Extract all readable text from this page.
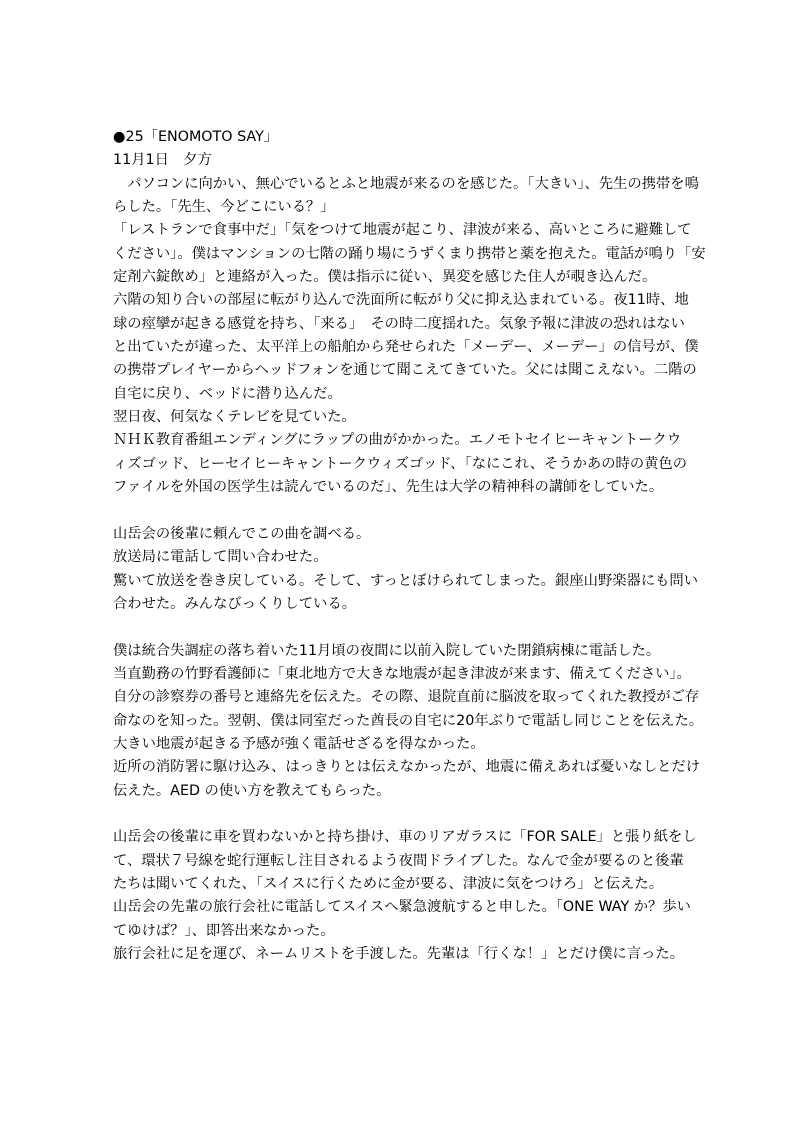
●25「ENOMOTO SAY」
11月1日　夕方
　パソコンに向かい、無心でいるとふと地震が来るのを感じた。「大きい」、先生の携帯を鳴
らした。「先生、今どこにいる？」
「レストランで食事中だ」「気をつけて地震が起こり、津波が来る、高いところに避難して
ください」。僕はマンションの七階の踊り場にうずくまり携帯と薬を抱えた。電話が鳴り「安
定剤六錠飲め」と連絡が入った。僕は指示に従い、異変を感じた住人が覗き込んだ。
六階の知り合いの部屋に転がり込んで洗面所に転がり父に抑え込まれている。夜11時、地
球の痙攣が起きる感覚を持ち、「来る」　その時二度揺れた。気象予報に津波の恐れはない
と出ていたが違った、太平洋上の船舶から発せられた「メーデー、メーデー」の信号が、僕
の携帯プレイヤーからヘッドフォンを通じて聞こえてきていた。父には聞こえない。二階の
自宅に戻り、ベッドに潜り込んだ。
翌日夜、何気なくテレビを見ていた。
ＮＨＫ教育番組エンディングにラップの曲がかかった。エノモトセイヒーキャントークウ
ィズゴッド、ヒーセイヒーキャントークウィズゴッド、「なにこれ、そうかあの時の黄色の
ファイルを外国の医学生は読んでいるのだ」、先生は大学の精神科の講師をしていた。
山岳会の後輩に頼んでこの曲を調べる。
放送局に電話して問い合わせた。
驚いて放送を巻き戻している。そして、すっとぼけられてしまった。銀座山野楽器にも問い
合わせた。みんなびっくりしている。
僕は統合失調症の落ち着いた11月頃の夜間に以前入院していた閉鎖病棟に電話した。
当直勤務の竹野看護師に「東北地方で大きな地震が起き津波が来ます、備えてください」。
自分の診察券の番号と連絡先を伝えた。その際、退院直前に脳波を取ってくれた教授がご存
命なのを知った。翌朝、僕は同室だった酋長の自宅に20年ぶりで電話し同じことを伝えた。
大きい地震が起きる予感が強く電話せざるを得なかった。
近所の消防署に駆け込み、はっきりとは伝えなかったが、地震に備えあれば憂いなしとだけ
伝えた。AED の使い方を教えてもらった。
山岳会の後輩に車を買わないかと持ち掛け、車のリアガラスに「FOR SALE」と張り紙をし
て、環状７号線を蛇行運転し注目されるよう夜間ドライブした。なんで金が要るのと後輩
たちは聞いてくれた、「スイスに行くために金が要る、津波に気をつけろ」と伝えた。
山岳会の先輩の旅行会社に電話してスイスへ緊急渡航すると申した。「ONE WAY か？歩い
てゆけば？」、即答出来なかった。
旅行会社に足を運び、ネームリストを手渡した。先輩は「行くな！」とだけ僕に言った。
